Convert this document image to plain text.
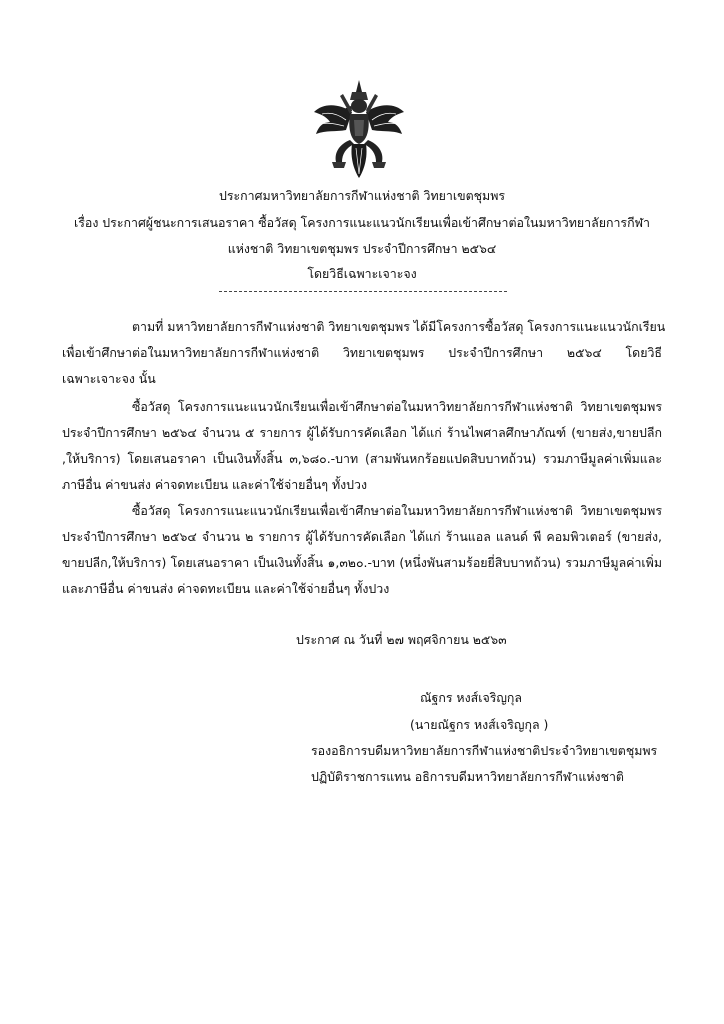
ประกาศมหาวิทยาลัยการกีฬาแห่งชาติ วิทยาเขตชุมพร
เรื่อง ประกาศผู้ชนะการเสนอราคา ซื้อวัสดุ โครงการแนะแนวนักเรียนเพื่อเข้าศึกษาต่อในมหาวิทยาลัยการกีฬา
แห่งชาติ วิทยาเขตชุมพร ประจำปีการศึกษา ๒๕๖๔
โดยวิธีเฉพาะเจาะจง
ตามที่ มหาวิทยาลัยการกีฬาแห่งชาติ วิทยาเขตชุมพร ได้มีโครงการซื้อวัสดุ โครงการแนะแนวนักเรียน
เพื่อเข้าศึกษาต่อในมหาวิทยาลัยการกีฬาแห่งชาติ วิทยาเขตชุมพร ประจำปีการศึกษา ๒๕๖๔ โดยวิธี
เฉพาะเจาะจง นั้น
ซื้อวัสดุ โครงการแนะแนวนักเรียนเพื่อเข้าศึกษาต่อในมหาวิทยาลัยการกีฬาแห่งชาติ วิทยาเขตชุมพร
ประจำปีการศึกษา ๒๕๖๔ จำนวน ๕ รายการ ผู้ได้รับการคัดเลือก ได้แก่ ร้านไพศาลศึกษาภัณฑ์ (ขายส่ง,ขายปลีก
,ให้บริการ) โดยเสนอราคา เป็นเงินทั้งสิ้น ๓,๖๘๐.-บาท (สามพันหกร้อยแปดสิบบาทถ้วน) รวมภาษีมูลค่าเพิ่มและ
ภาษีอื่น ค่าขนส่ง ค่าจดทะเบียน และค่าใช้จ่ายอื่นๆ ทั้งปวง
ซื้อวัสดุ โครงการแนะแนวนักเรียนเพื่อเข้าศึกษาต่อในมหาวิทยาลัยการกีฬาแห่งชาติ วิทยาเขตชุมพร
ประจำปีการศึกษา ๒๕๖๔ จำนวน ๒ รายการ ผู้ได้รับการคัดเลือก ได้แก่ ร้านแอล แลนด์ พี คอมพิวเตอร์ (ขายส่ง,
ขายปลีก,ให้บริการ) โดยเสนอราคา เป็นเงินทั้งสิ้น ๑,๓๒๐.-บาท (หนึ่งพันสามร้อยยี่สิบบาทถ้วน) รวมภาษีมูลค่าเพิ่ม
และภาษีอื่น ค่าขนส่ง ค่าจดทะเบียน และค่าใช้จ่ายอื่นๆ ทั้งปวง
ประกาศ ณ วันที่ ๒๗ พฤศจิกายน ๒๕๖๓
ณัฐกร หงส์เจริญกุล
(นายณัฐกร หงส์เจริญกุล )
รองอธิการบดีมหาวิทยาลัยการกีฬาแห่งชาติประจำวิทยาเขตชุมพร
ปฏิบัติราชการแทน อธิการบดีมหาวิทยาลัยการกีฬาแห่งชาติ
